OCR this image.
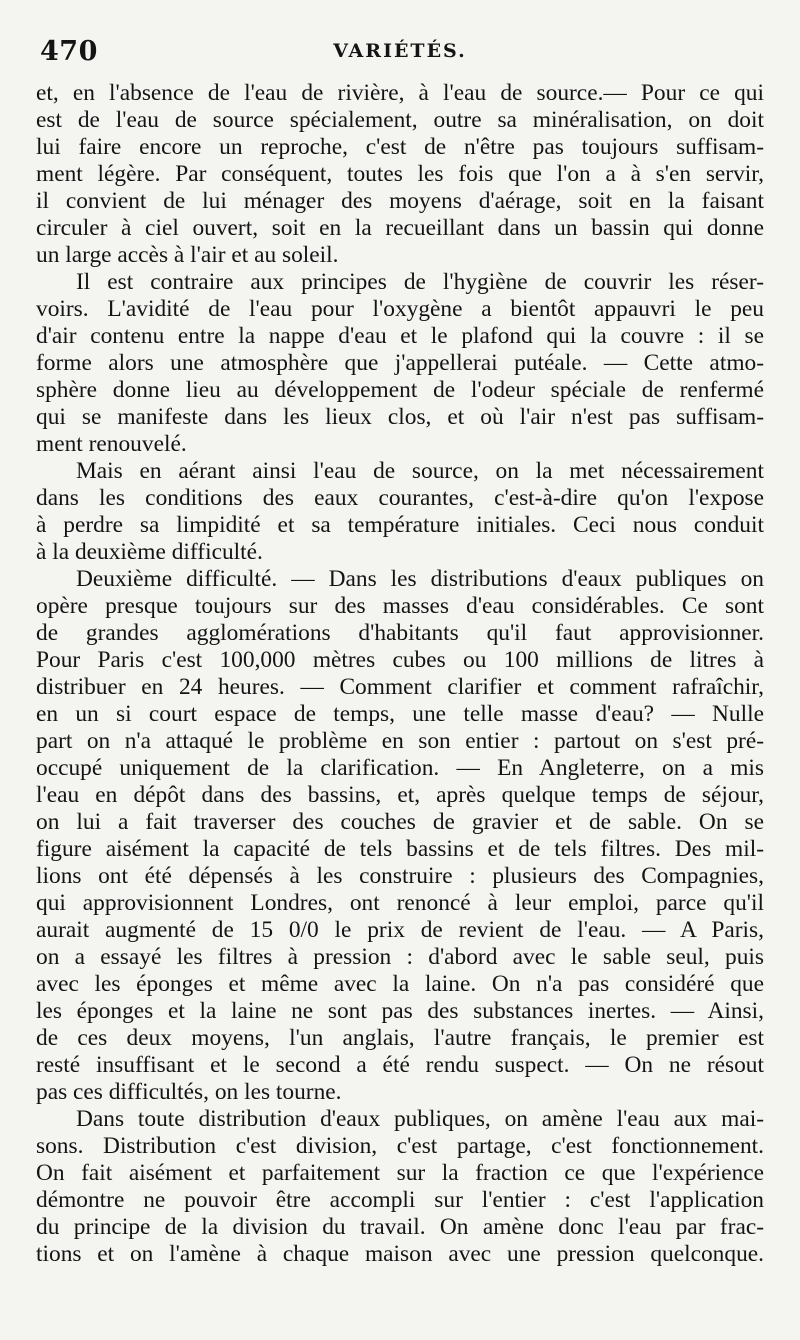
470	VARIÉTÉS.
et, en l'absence de l'eau de rivière, à l'eau de source.— Pour ce qui
est de l'eau de source spécialement, outre sa minéralisation, on doit
lui faire encore un reproche, c'est de n'être pas toujours suffisam-
ment légère. Par conséquent, toutes les fois que l'on a à s'en servir,
il convient de lui ménager des moyens d'aérage, soit en la faisant
circuler à ciel ouvert, soit en la recueillant dans un bassin qui donne
un large accès à l'air et au soleil.
Il est contraire aux principes de l'hygiène de couvrir les réser-
voirs. L'avidité de l'eau pour l'oxygène a bientôt appauvri le peu
d'air contenu entre la nappe d'eau et le plafond qui la couvre : il se
forme alors une atmosphère que j'appellerai putéale. — Cette atmo-
sphère donne lieu au développement de l'odeur spéciale de renfermé
qui se manifeste dans les lieux clos, et où l'air n'est pas suffisam-
ment renouvelé.
Mais en aérant ainsi l'eau de source, on la met nécessairement
dans les conditions des eaux courantes, c'est-à-dire qu'on l'expose
à perdre sa limpidité et sa température initiales. Ceci nous conduit
à la deuxième difficulté.
Deuxième difficulté. — Dans les distributions d'eaux publiques on
opère presque toujours sur des masses d'eau considérables. Ce sont
de grandes agglomérations d'habitants qu'il faut approvisionner.
Pour Paris c'est 100,000 mètres cubes ou 100 millions de litres à
distribuer en 24 heures. — Comment clarifier et comment rafraîchir,
en un si court espace de temps, une telle masse d'eau? — Nulle
part on n'a attaqué le problème en son entier : partout on s'est pré-
occupé uniquement de la clarification. — En Angleterre, on a mis
l'eau en dépôt dans des bassins, et, après quelque temps de séjour,
on lui a fait traverser des couches de gravier et de sable. On se
figure aisément la capacité de tels bassins et de tels filtres. Des mil-
lions ont été dépensés à les construire : plusieurs des Compagnies,
qui approvisionnent Londres, ont renoncé à leur emploi, parce qu'il
aurait augmenté de 15 0/0 le prix de revient de l'eau. — A Paris,
on a essayé les filtres à pression : d'abord avec le sable seul, puis
avec les éponges et même avec la laine. On n'a pas considéré que
les éponges et la laine ne sont pas des substances inertes. — Ainsi,
de ces deux moyens, l'un anglais, l'autre français, le premier est
resté insuffisant et le second a été rendu suspect. — On ne résout
pas ces difficultés, on les tourne.
Dans toute distribution d'eaux publiques, on amène l'eau aux mai-
sons. Distribution c'est division, c'est partage, c'est fonctionnement.
On fait aisément et parfaitement sur la fraction ce que l'expérience
démontre ne pouvoir être accompli sur l'entier : c'est l'application
du principe de la division du travail. On amène donc l'eau par frac-
tions et on l'amène à chaque maison avec une pression quelconque.
